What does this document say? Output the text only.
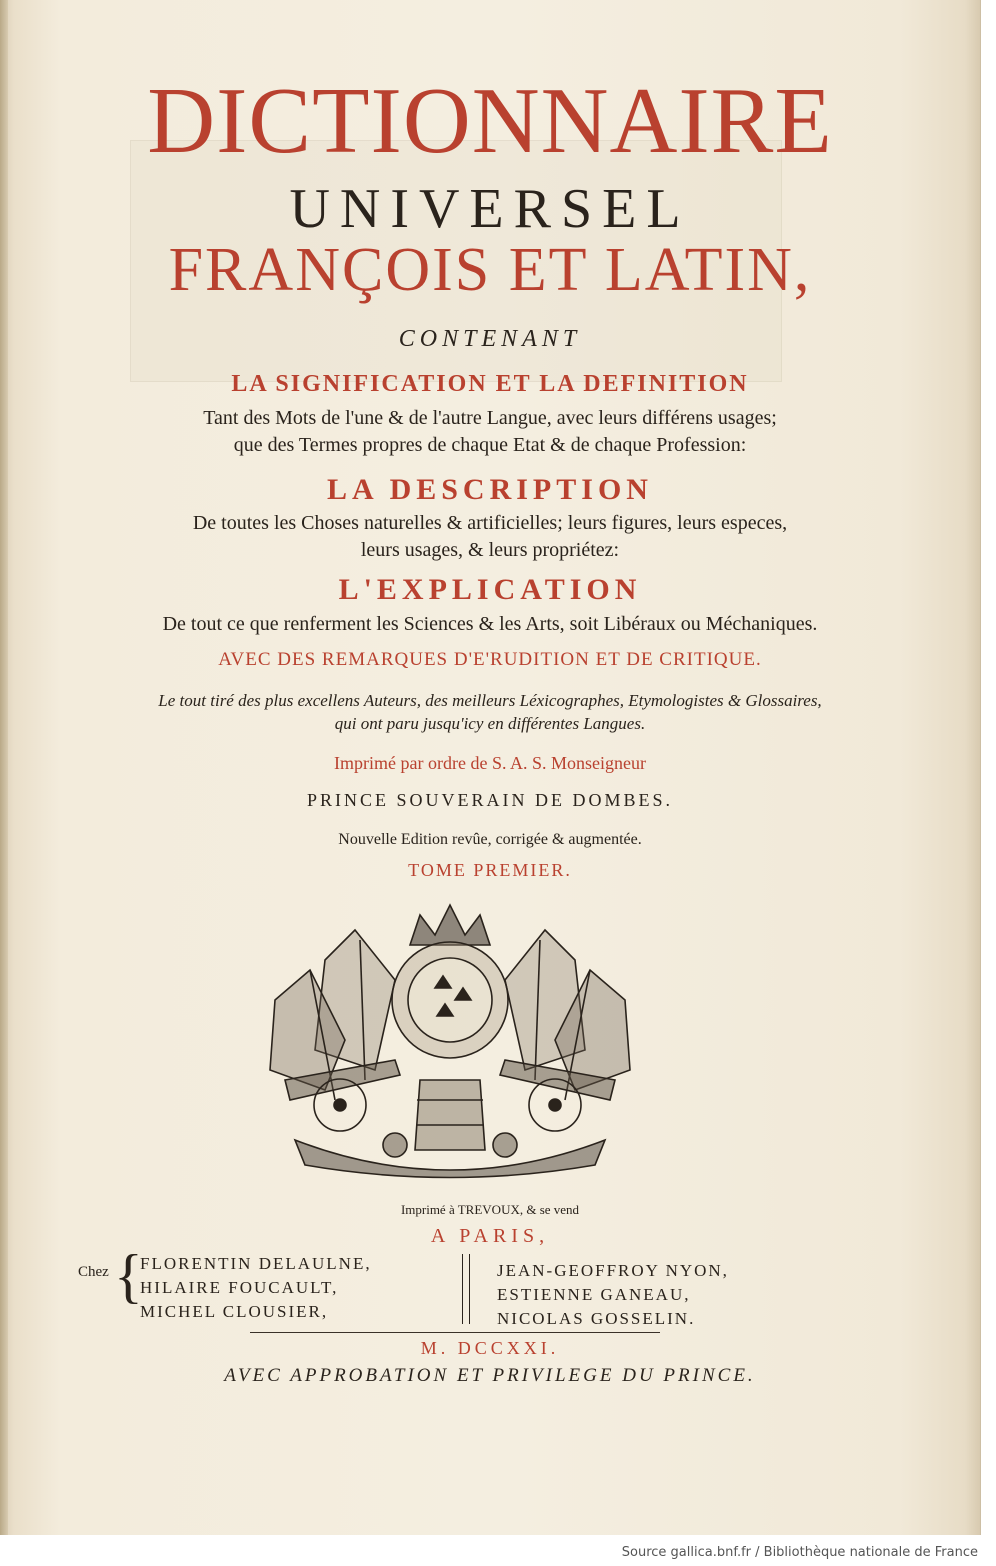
DICTIONNAIRE

UNIVERSEL

FRANÇOIS ET LATIN,

CONTENANT

LA SIGNIFICATION ET LA DEFINITION

Tant des Mots de l'une & de l'autre Langue, avec leurs différens usages;

que des Termes propres de chaque Etat & de chaque Profession:

LA DESCRIPTION

De toutes les Choses naturelles & artificielles; leurs figures, leurs especes,

leurs usages, & leurs propriétez:

L'EXPLICATION

De tout ce que renferment les Sciences & les Arts, soit Libéraux ou Méchaniques.

AVEC DES REMARQUES D'E'RUDITION ET DE CRITIQUE.

Le tout tiré des plus excellens Auteurs, des meilleurs Léxicographes, Etymologistes & Glossaires,

qui ont paru jusqu'icy en différentes Langues.

Imprimé par ordre de S. A. S. Monseigneur

PRINCE SOUVERAIN DE DOMBES.

Nouvelle Edition revûe, corrigée & augmentée.

TOME PREMIER.

Imprimé à TREVOUX, & se vend

A PARIS,

Chez {
FLORENTIN DELAULNE,
HILAIRE FOUCAULT,
MICHEL CLOUSIER,
JEAN-GEOFFROY NYON,
ESTIENNE GANEAU,
NICOLAS GOSSELIN.

M. DCCXXI.

AVEC APPROBATION ET PRIVILEGE DU PRINCE.

Source gallica.bnf.fr / Bibliothèque nationale de France
